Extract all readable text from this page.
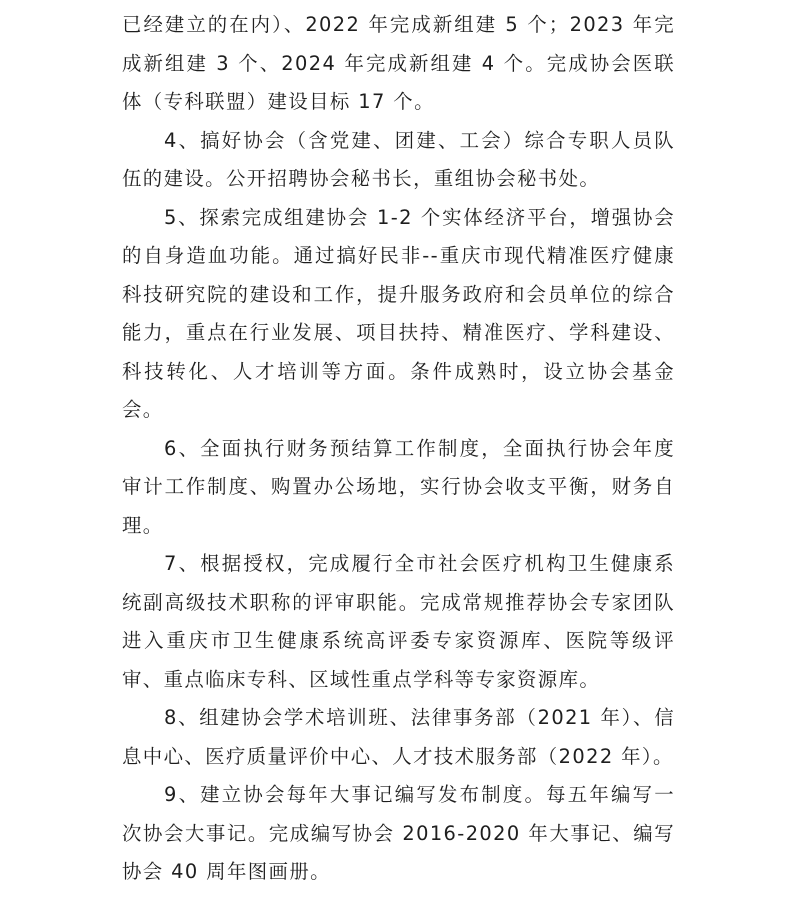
已经建立的在内）、2022 年完成新组建 5 个；2023 年完成新组建 3 个、2024 年完成新组建 4 个。完成协会医联体（专科联盟）建设目标 17 个。

4、搞好协会（含党建、团建、工会）综合专职人员队伍的建设。公开招聘协会秘书长，重组协会秘书处。

5、探索完成组建协会 1-2 个实体经济平台，增强协会的自身造血功能。通过搞好民非--重庆市现代精准医疗健康科技研究院的建设和工作，提升服务政府和会员单位的综合能力，重点在行业发展、项目扶持、精准医疗、学科建设、科技转化、人才培训等方面。条件成熟时，设立协会基金会。

6、全面执行财务预结算工作制度，全面执行协会年度审计工作制度、购置办公场地，实行协会收支平衡，财务自理。

7、根据授权，完成履行全市社会医疗机构卫生健康系统副高级技术职称的评审职能。完成常规推荐协会专家团队进入重庆市卫生健康系统高评委专家资源库、医院等级评审、重点临床专科、区域性重点学科等专家资源库。

8、组建协会学术培训班、法律事务部（2021 年）、信息中心、医疗质量评价中心、人才技术服务部（2022 年）。

9、建立协会每年大事记编写发布制度。每五年编写一次协会大事记。完成编写协会 2016-2020 年大事记、编写协会 40 周年图画册。
